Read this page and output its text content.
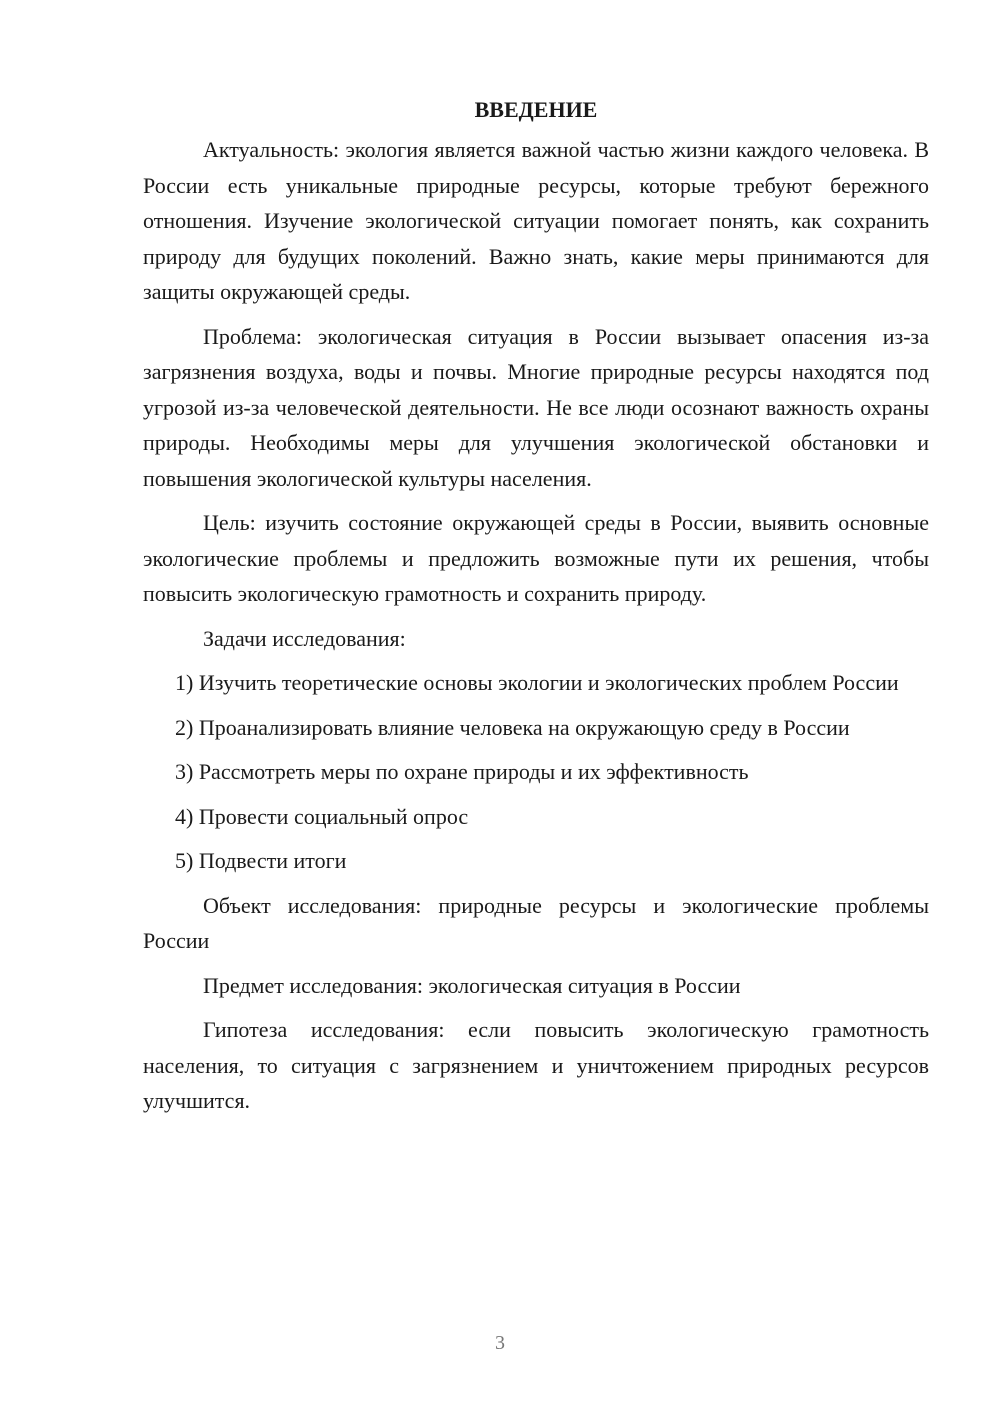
ВВЕДЕНИЕ

Актуальность: экология является важной частью жизни каждого человека. В России есть уникальные природные ресурсы, которые требуют бережного отношения. Изучение экологической ситуации помогает понять, как сохранить природу для будущих поколений. Важно знать, какие меры принимаются для защиты окружающей среды.

Проблема: экологическая ситуация в России вызывает опасения из-за загрязнения воздуха, воды и почвы. Многие природные ресурсы находятся под угрозой из-за человеческой деятельности. Не все люди осознают важность охраны природы. Необходимы меры для улучшения экологической обстановки и повышения экологической культуры населения.

Цель: изучить состояние окружающей среды в России, выявить основные экологические проблемы и предложить возможные пути их решения, чтобы повысить экологическую грамотность и сохранить природу.

Задачи исследования:

1) Изучить теоретические основы экологии и экологических проблем России

2) Проанализировать влияние человека на окружающую среду в России

3) Рассмотреть меры по охране природы и их эффективность

4) Провести социальный опрос

5) Подвести итоги

Объект исследования: природные ресурсы и экологические проблемы России

Предмет исследования: экологическая ситуация в России

Гипотеза исследования: если повысить экологическую грамотность населения, то ситуация с загрязнением и уничтожением природных ресурсов улучшится.

3
